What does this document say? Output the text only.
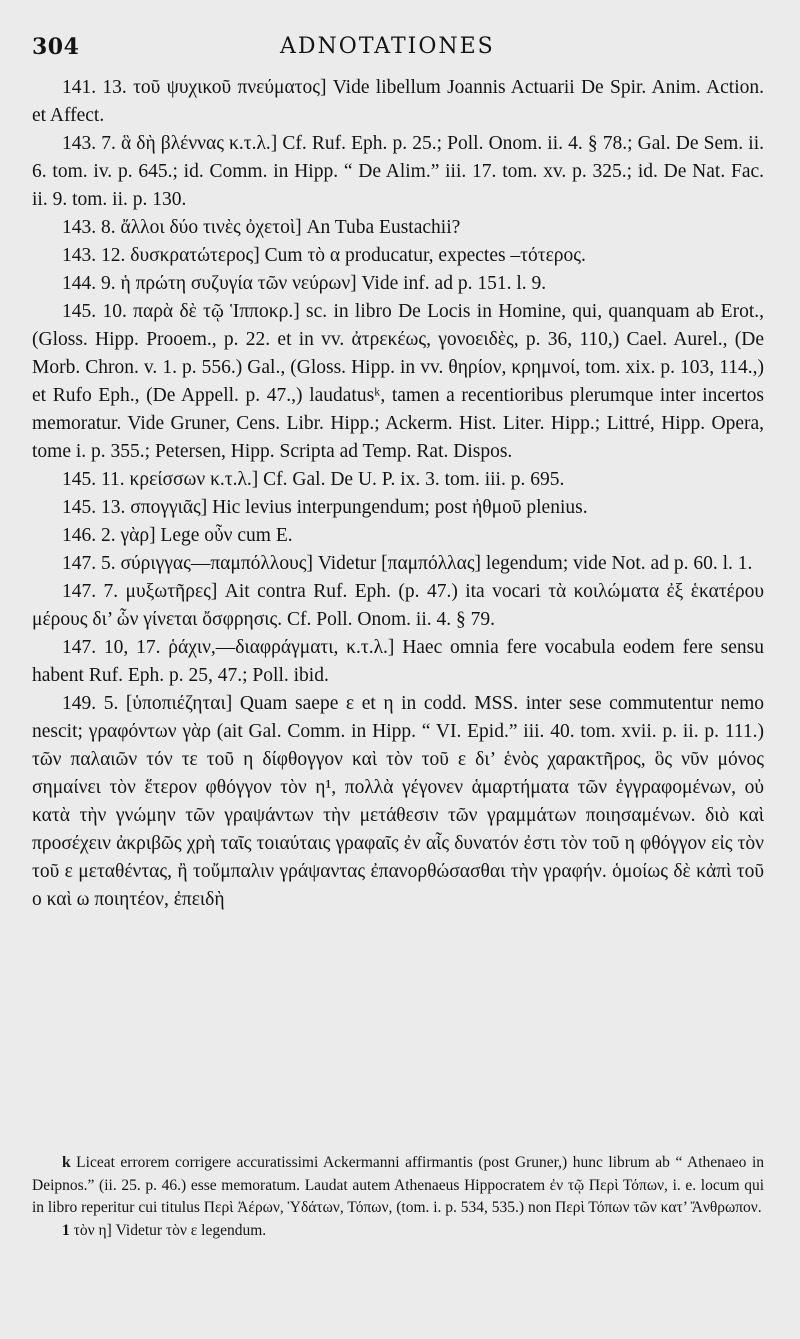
304	ADNOTATIONES

141. 13. τοῦ ψυχικοῦ πνεύματος] Vide libellum Joannis Actuarii De Spir. Anim. Action. et Affect.

143. 7. ἃ δὴ βλέννας κ.τ.λ.] Cf. Ruf. Eph. p. 25.; Poll. Onom. ii. 4. § 78.; Gal. De Sem. ii. 6. tom. iv. p. 645.; id. Comm. in Hipp. “ De Alim.” iii. 17. tom. xv. p. 325.; id. De Nat. Fac. ii. 9. tom. ii. p. 130.

143. 8. ἄλλοι δύο τινὲς ὀχετοὶ] An Tuba Eustachii?

143. 12. δυσκρατώτερος] Cum τὸ α producatur, expectes –τότερος.

144. 9. ἡ πρώτη συζυγία τῶν νεύρων] Vide inf. ad p. 151. l. 9.

145. 10. παρὰ δὲ τῷ Ἱπποκρ.] sc. in libro De Locis in Homine, qui, quanquam ab Erot., (Gloss. Hipp. Prooem., p. 22. et in vv. ἀτρεκέως, γονοειδὲς, p. 36, 110,) Cael. Aurel., (De Morb. Chron. v. 1. p. 556.) Gal., (Gloss. Hipp. in vv. θηρίον, κρημνοί, tom. xix. p. 103, 114.,) et Rufo Eph., (De Appell. p. 47.,) laudatusᵏ, tamen a recentioribus plerumque inter incertos memoratur. Vide Gruner, Cens. Libr. Hipp.; Ackerm. Hist. Liter. Hipp.; Littré, Hipp. Opera, tome i. p. 355.; Petersen, Hipp. Scripta ad Temp. Rat. Dispos.

145. 11. κρείσσων κ.τ.λ.] Cf. Gal. De U. P. ix. 3. tom. iii. p. 695.

145. 13. σπογγιᾶς] Hic levius interpungendum; post ἠθμοῦ plenius.

146. 2. γὰρ] Lege οὖν cum E.

147. 5. σύριγγας—παμπόλλους] Videtur [παμπόλλας] legendum; vide Not. ad p. 60. l. 1.

147. 7. μυξωτῆρες] Ait contra Ruf. Eph. (p. 47.) ita vocari τὰ κοιλώματα ἐξ ἑκατέρου μέρους δι’ ὧν γίνεται ὄσφρησις. Cf. Poll. Onom. ii. 4. § 79.

147. 10, 17. ῥάχιν,—διαφράγματι, κ.τ.λ.] Haec omnia fere vocabula eodem fere sensu habent Ruf. Eph. p. 25, 47.; Poll. ibid.

149. 5. [ὑποπιέζηται] Quam saepe ε et η in codd. MSS. inter sese commutentur nemo nescit; γραφόντων γὰρ (ait Gal. Comm. in Hipp. “ VI. Epid.” iii. 40. tom. xvii. p. ii. p. 111.) τῶν παλαιῶν τόν τε τοῦ η δίφθογγον καὶ τὸν τοῦ ε δι’ ἑνὸς χαρακτῆρος, ὃς νῦν μόνος σημαίνει τὸν ἕτερον φθόγγον τὸν η¹, πολλὰ γέγονεν ἁμαρτήματα τῶν ἐγγραφομένων, οὐ κατὰ τὴν γνώμην τῶν γραψάντων τὴν μετάθεσιν τῶν γραμμάτων ποιησαμένων. διὸ καὶ προσέχειν ἀκριβῶς χρὴ ταῖς τοιαύταις γραφαῖς ἐν αἷς δυνατόν ἐστι τὸν τοῦ η φθόγγον εἰς τὸν τοῦ ε μεταθέντας, ἢ τοὔμπαλιν γράψαντας ἐπανορθώσασθαι τὴν γραφήν. ὁμοίως δὲ κἀπὶ τοῦ ο καὶ ω ποιητέον, ἐπειδὴ

k Liceat errorem corrigere accuratissimi Ackermanni affirmantis (post Gruner,) hunc librum ab “ Athenaeo in Deipnos.” (ii. 25. p. 46.) esse memoratum. Laudat autem Athenaeus Hippocratem ἐν τῷ Περὶ Τόπων, i. e. locum qui in libro reperitur cui titulus Περὶ Ἀέρων, Ὑδάτων, Τόπων, (tom. i. p. 534, 535.) non Περὶ Τόπων τῶν κατ’ Ἄνθρωπον.

1 τὸν η] Videtur τὸν ε legendum.
